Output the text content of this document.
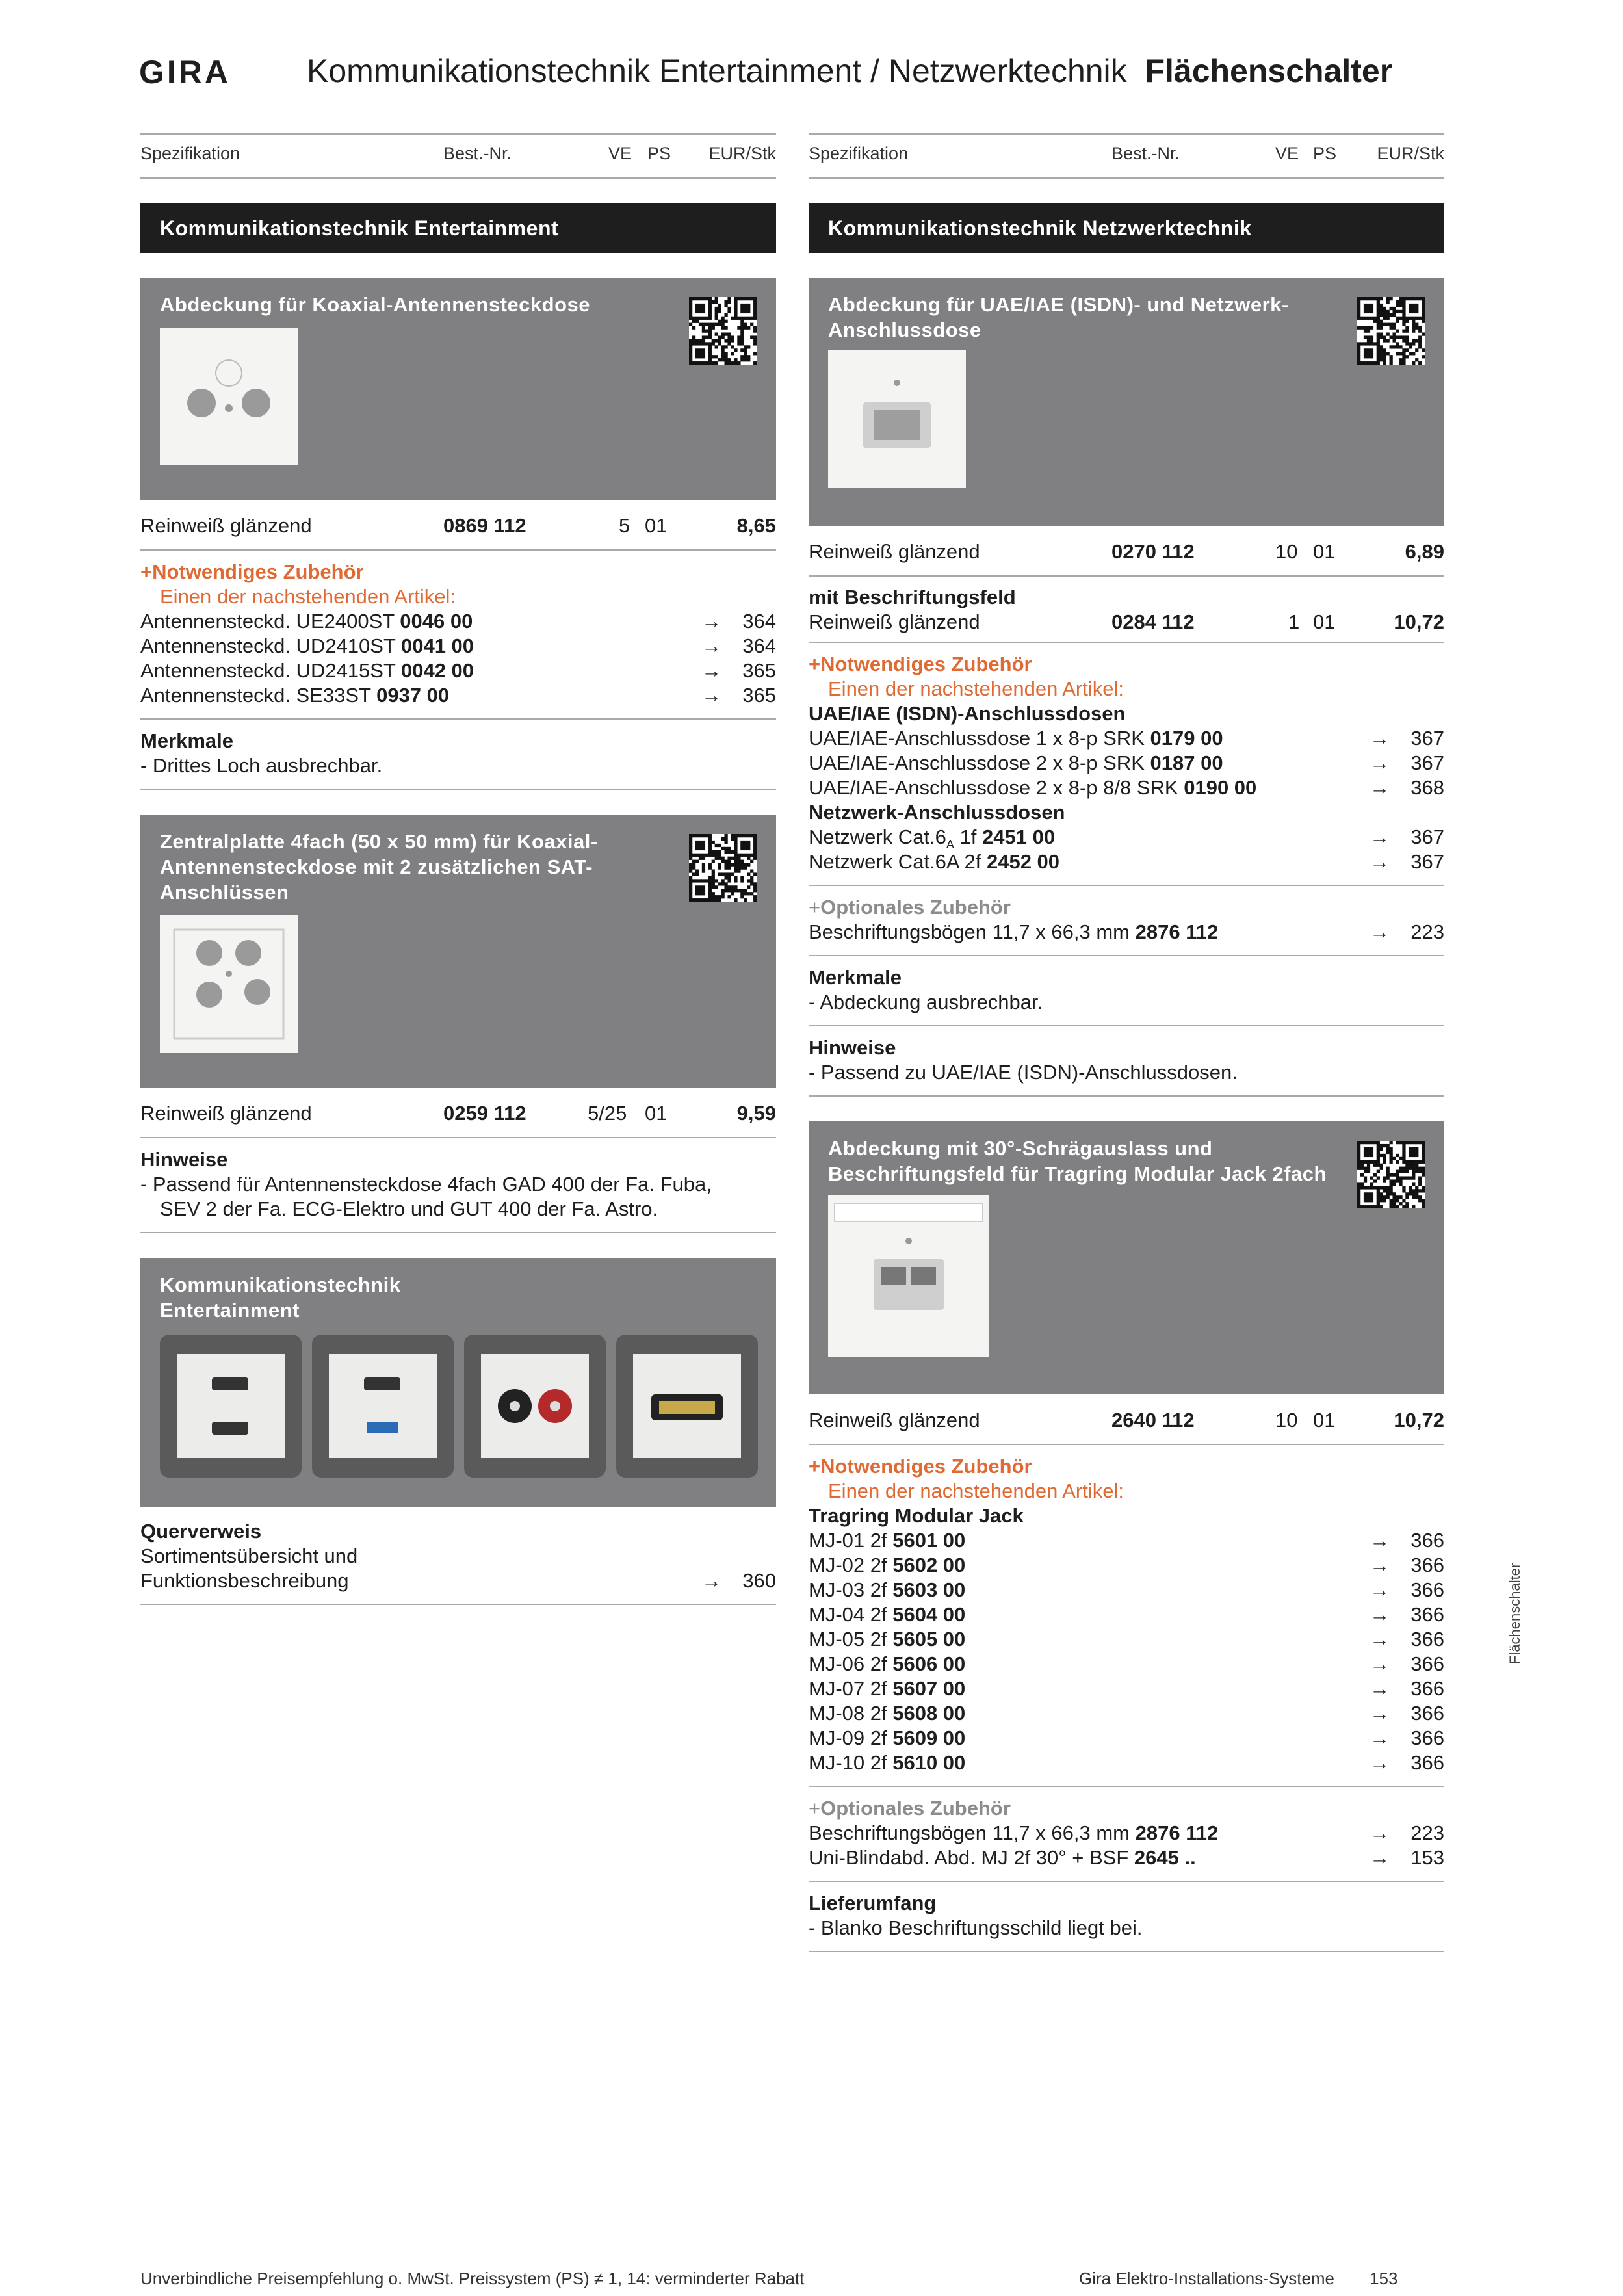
GIRA Kommunikationstechnik Entertainment / Netzwerktechnik Flächenschalter
Spezifikation	Best.-Nr.	VE PS EUR/Stk
Kommunikationstechnik Entertainment
Abdeckung für Koaxial-Antennensteckdose
Reinweiß glänzend	0869 112	5 01	8,65
+Notwendiges Zubehör
Einen der nachstehenden Artikel:
Antennensteckd. UE2400ST 0046 00	→ 364
Antennensteckd. UD2410ST 0041 00	→ 364
Antennensteckd. UD2415ST 0042 00	→ 365
Antennensteckd. SE33ST 0937 00	→ 365
Merkmale
- Drittes Loch ausbrechbar.
Zentralplatte 4fach (50 x 50 mm) für Koaxial-Antennensteckdose mit 2 zusätzlichen SAT-Anschlüssen
Reinweiß glänzend	0259 112	5/25 01	9,59
Hinweise
- Passend für Antennensteckdose 4fach GAD 400 der Fa. Fuba,
SEV 2 der Fa. ECG-Elektro und GUT 400 der Fa. Astro.
Kommunikationstechnik Entertainment
Querverweis
Sortimentsübersicht und
Funktionsbeschreibung	→ 360
Spezifikation	Best.-Nr.	VE PS EUR/Stk
Kommunikationstechnik Netzwerktechnik
Abdeckung für UAE/IAE (ISDN)- und Netzwerk-Anschlussdose
Reinweiß glänzend	0270 112	10 01	6,89
mit Beschriftungsfeld
Reinweiß glänzend	0284 112	1 01	10,72
+Notwendiges Zubehör
Einen der nachstehenden Artikel:
UAE/IAE (ISDN)-Anschlussdosen
UAE/IAE-Anschlussdose 1 x 8-p SRK 0179 00	→ 367
UAE/IAE-Anschlussdose 2 x 8-p SRK 0187 00	→ 367
UAE/IAE-Anschlussdose 2 x 8-p 8/8 SRK 0190 00	→ 368
Netzwerk-Anschlussdosen
Netzwerk $Cat.6_A$ 1f 2451 00	→ 367
Netzwerk Cat.6A 2f 2452 00	→ 367
+Optionales Zubehör
Beschriftungsbögen 11,7 x 66,3 mm 2876 112	→ 223
Merkmale
- Abdeckung ausbrechbar.
Hinweise
- Passend zu UAE/IAE (ISDN)-Anschlussdosen.
Abdeckung mit 30°-Schrägauslass und Beschriftungsfeld für Tragring Modular Jack 2fach
Reinweiß glänzend	2640 112	10 01	10,72
+Notwendiges Zubehör
Einen der nachstehenden Artikel:
Tragring Modular Jack
MJ-01 2f 5601 00	→ 366
MJ-02 2f 5602 00	→ 366
MJ-03 2f 5603 00	→ 366
MJ-04 2f 5604 00	→ 366
MJ-05 2f 5605 00	→ 366
MJ-06 2f 5606 00	→ 366
MJ-07 2f 5607 00	→ 366
MJ-08 2f 5608 00	→ 366
MJ-09 2f 5609 00	→ 366
MJ-10 2f 5610 00	→ 366
+Optionales Zubehör
Beschriftungsbögen 11,7 x 66,3 mm 2876 112	→ 223
Uni-Blindabd. Abd. MJ 2f 30° + BSF 2645 ..	→ 153
Lieferumfang
- Blanko Beschriftungsschild liegt bei.
Flächenschalter
Unverbindliche Preisempfehlung o. MwSt. Preissystem (PS) ≠ 1, 14: verminderter Rabatt	Gira Elektro-Installations-Systeme 153
